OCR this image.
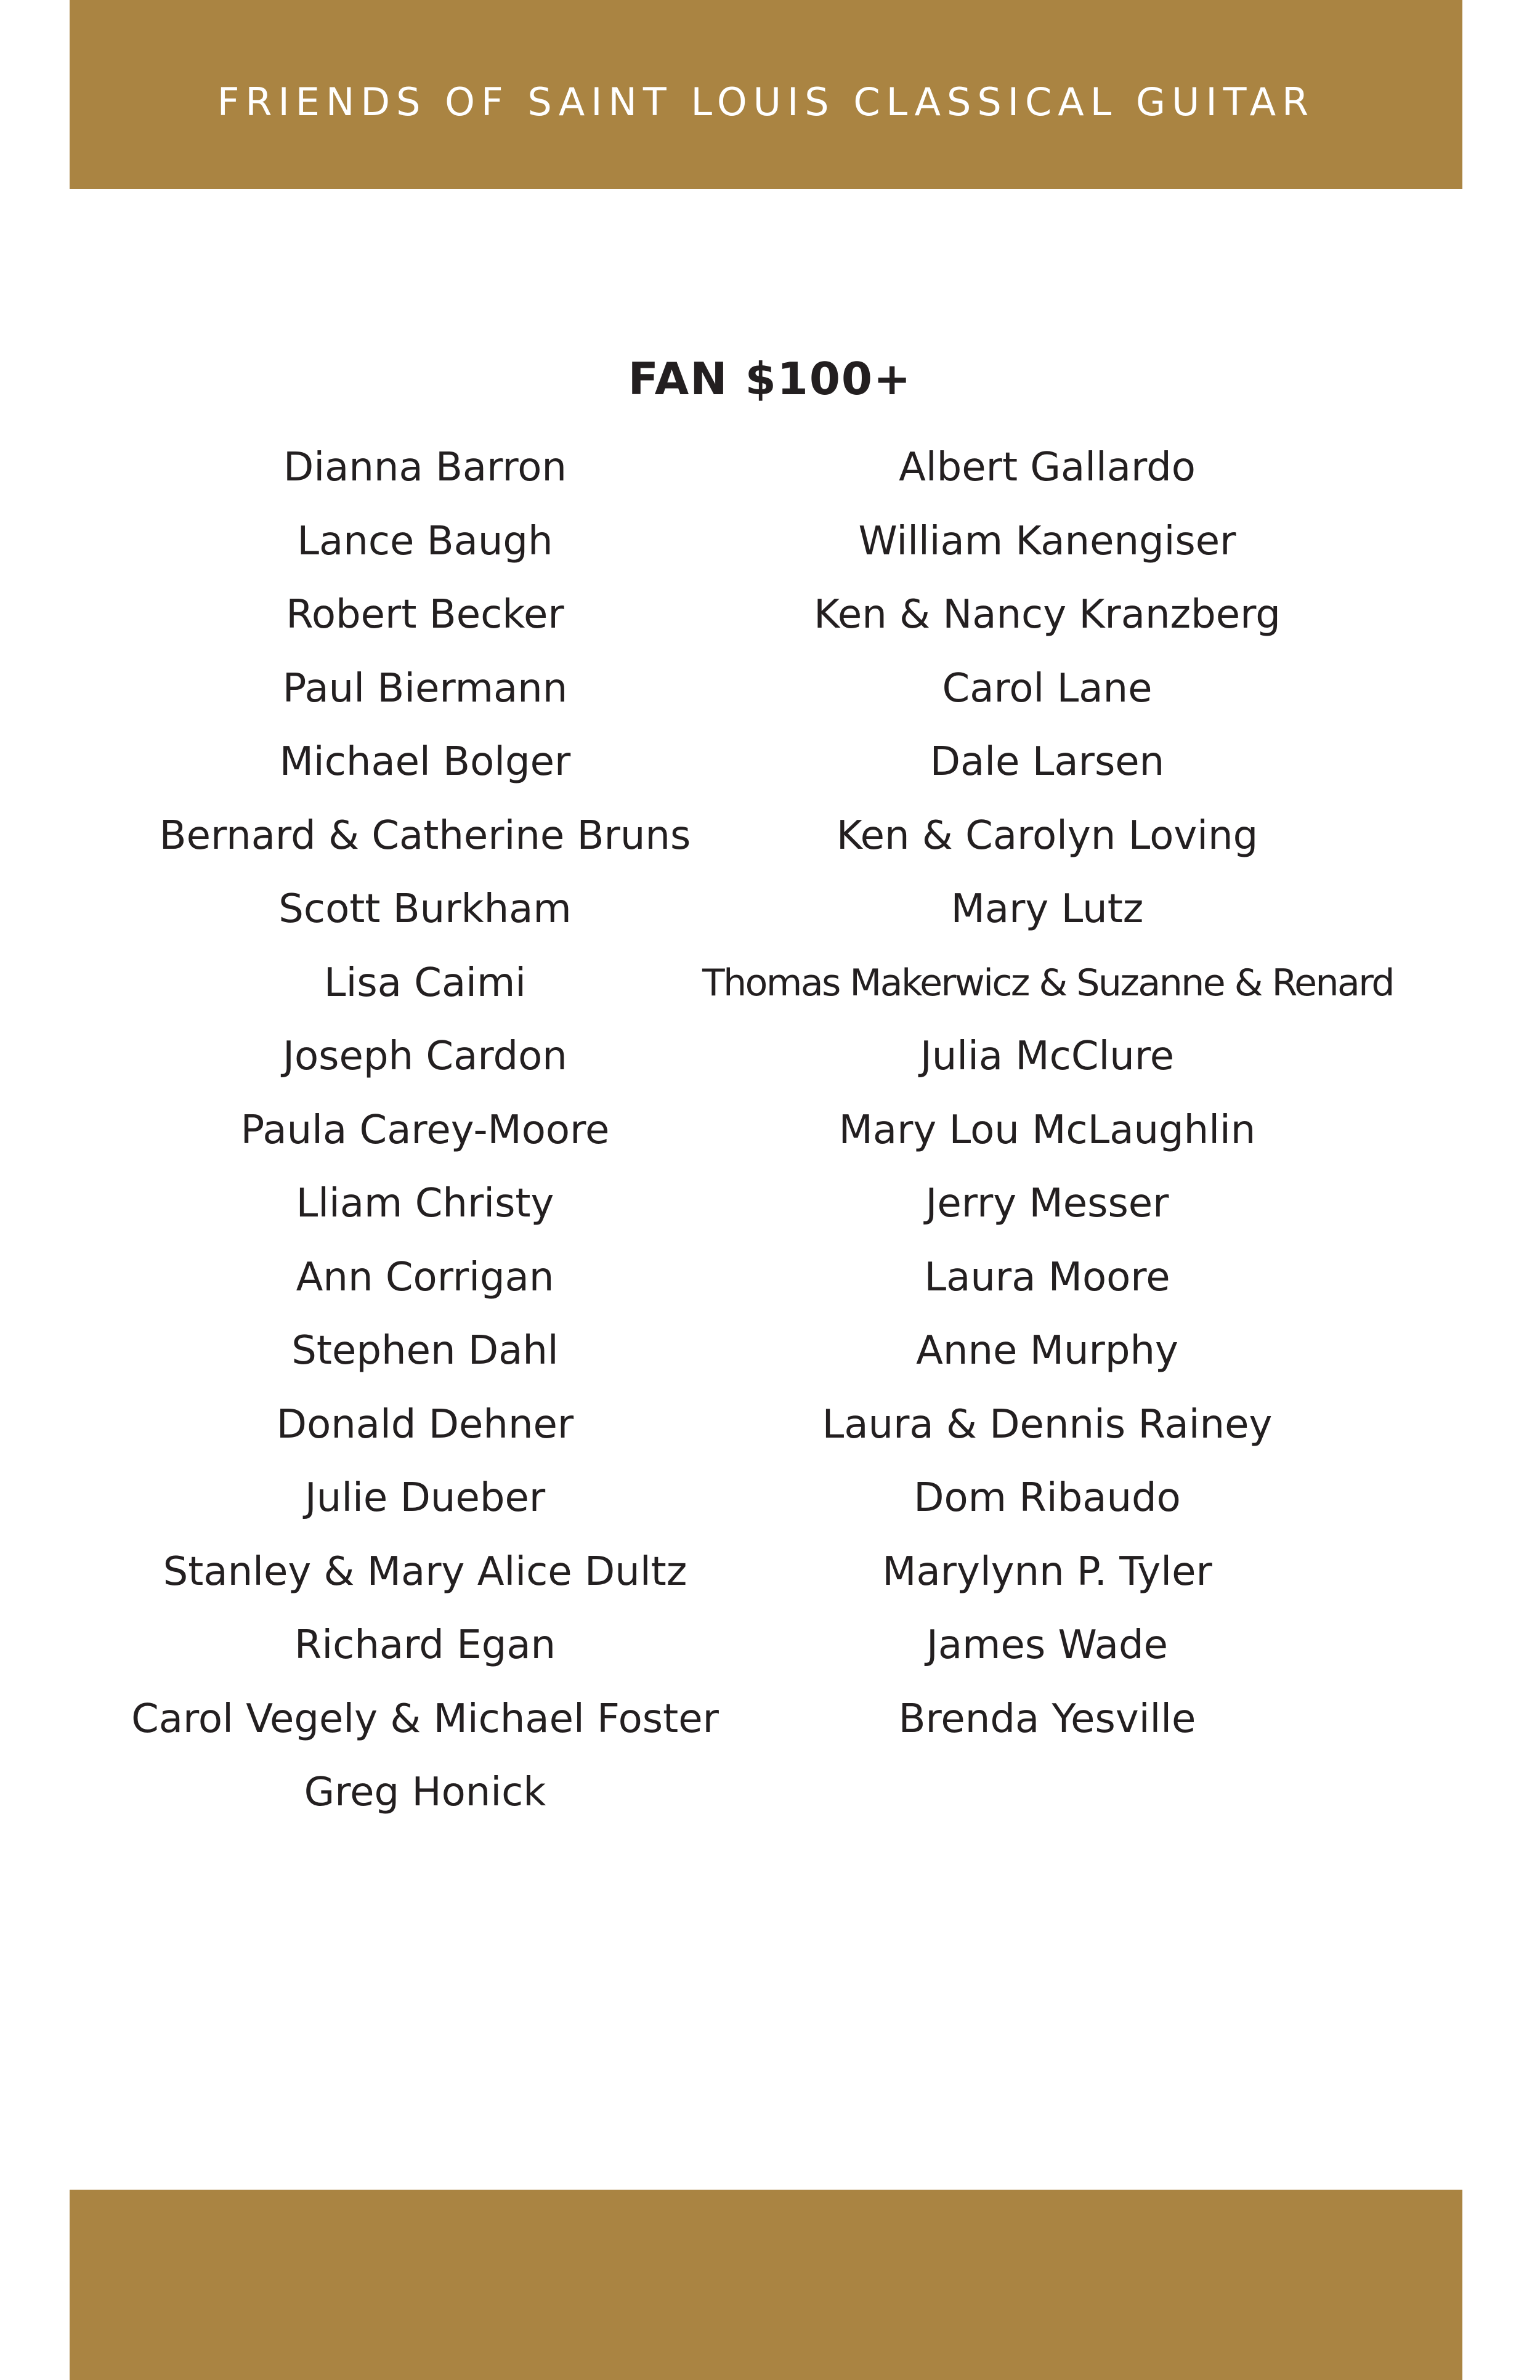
FRIENDS OF SAINT LOUIS CLASSICAL GUITAR
FAN $100+
Dianna Barron
Lance Baugh
Robert Becker
Paul Biermann
Michael Bolger
Bernard & Catherine Bruns
Scott Burkham
Lisa Caimi
Joseph Cardon
Paula Carey-Moore
Lliam Christy
Ann Corrigan
Stephen Dahl
Donald Dehner
Julie Dueber
Stanley & Mary Alice Dultz
Richard Egan
Carol Vegely & Michael Foster
Greg Honick
Albert Gallardo
William Kanengiser
Ken & Nancy Kranzberg
Carol Lane
Dale Larsen
Ken & Carolyn Loving
Mary Lutz
Thomas Makerwicz & Suzanne & Renard
Julia McClure
Mary Lou McLaughlin
Jerry Messer
Laura Moore
Anne Murphy
Laura & Dennis Rainey
Dom Ribaudo
Marylynn P. Tyler
James Wade
Brenda Yesville
